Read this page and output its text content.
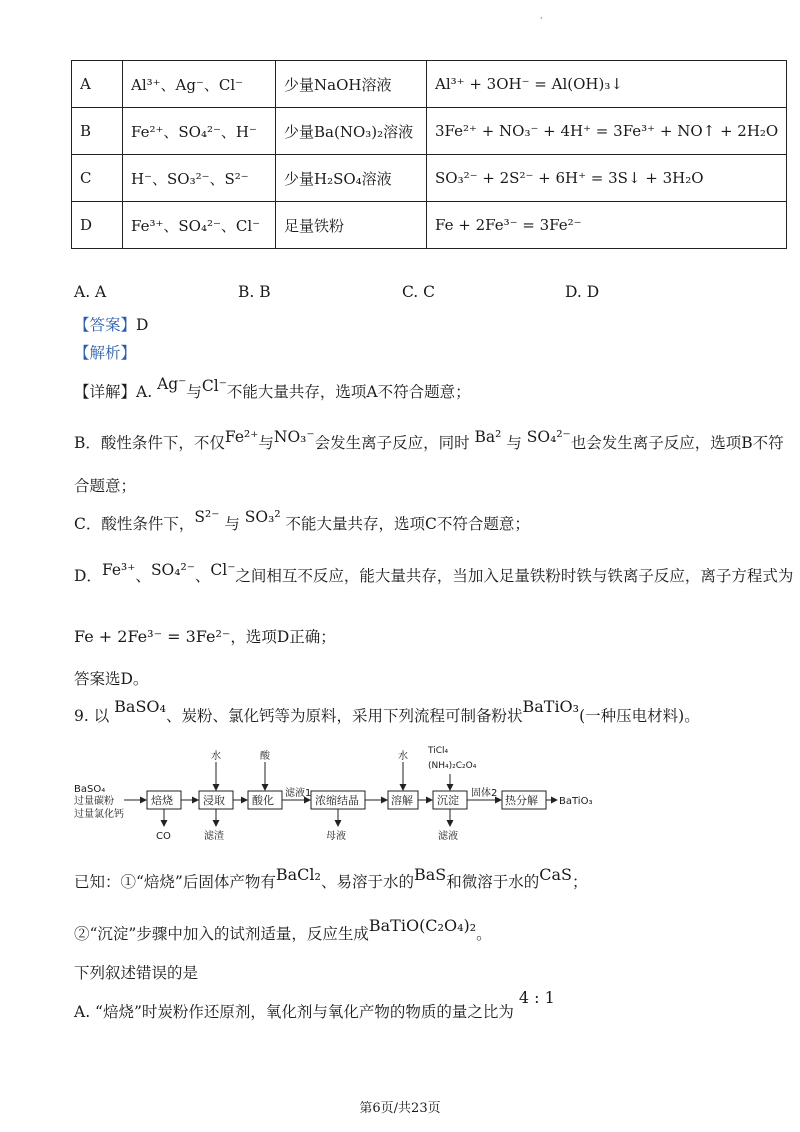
·
A	Al³⁺、Ag⁻、Cl⁻	少量NaOH溶液	Al³⁺ + 3OH⁻ = Al(OH)₃↓
B	Fe²⁺、SO₄²⁻、H⁻	少量Ba(NO₃)₂溶液	3Fe²⁺ + NO₃⁻ + 4H⁺ = 3Fe³⁺ + NO↑ + 2H₂O
C	H⁻、SO₃²⁻、S²⁻	少量H₂SO₄溶液	SO₃²⁻ + 2S²⁻ + 6H⁺ = 3S↓ + 3H₂O
D	Fe³⁺、SO₄²⁻、Cl⁻	足量铁粉	Fe + 2Fe³⁻ = 3Fe²⁻
A. A	B. B	C. C	D. D
【答案】D
【解析】
【详解】A. Ag⁻与Cl⁻不能大量共存，选项A不符合题意；
B．酸性条件下，不仅Fe²⁺与NO₃⁻会发生离子反应，同时 Ba² 与 SO₄²⁻也会发生离子反应，选项B不符
合题意；
C．酸性条件下，S²⁻ 与 SO₃² 不能大量共存，选项C不符合题意；
D．Fe³⁺、SO₄²⁻、Cl⁻之间相互不反应，能大量共存，当加入足量铁粉时铁与铁离子反应，离子方程式为
Fe + 2Fe³⁻ = 3Fe²⁻，选项D正确；
答案选D。
9. 以 BaSO₄、炭粉、氯化钙等为原料，采用下列流程可制备粉状BaTiO₃(一种压电材料)。
BaSO₄
过量碳粉
过量氯化钙
焙烧	浸取 酸化	浓缩结晶	溶解 沉淀	热分解
水	酸	水 TiCl₄
(NH₄)₂C₂O₄
CO	滤渣	母液	滤液
滤液1	固体2
BaTiO₃
已知：①“焙烧”后固体产物有BaCl₂、易溶于水的BaS和微溶于水的CaS；
②“沉淀”步骤中加入的试剂适量，反应生成BaTiO(C₂O₄)₂。
下列叙述错误的是
A. “焙烧”时炭粉作还原剂，氧化剂与氧化产物的物质的量之比为 4 : 1
第6页/共23页
